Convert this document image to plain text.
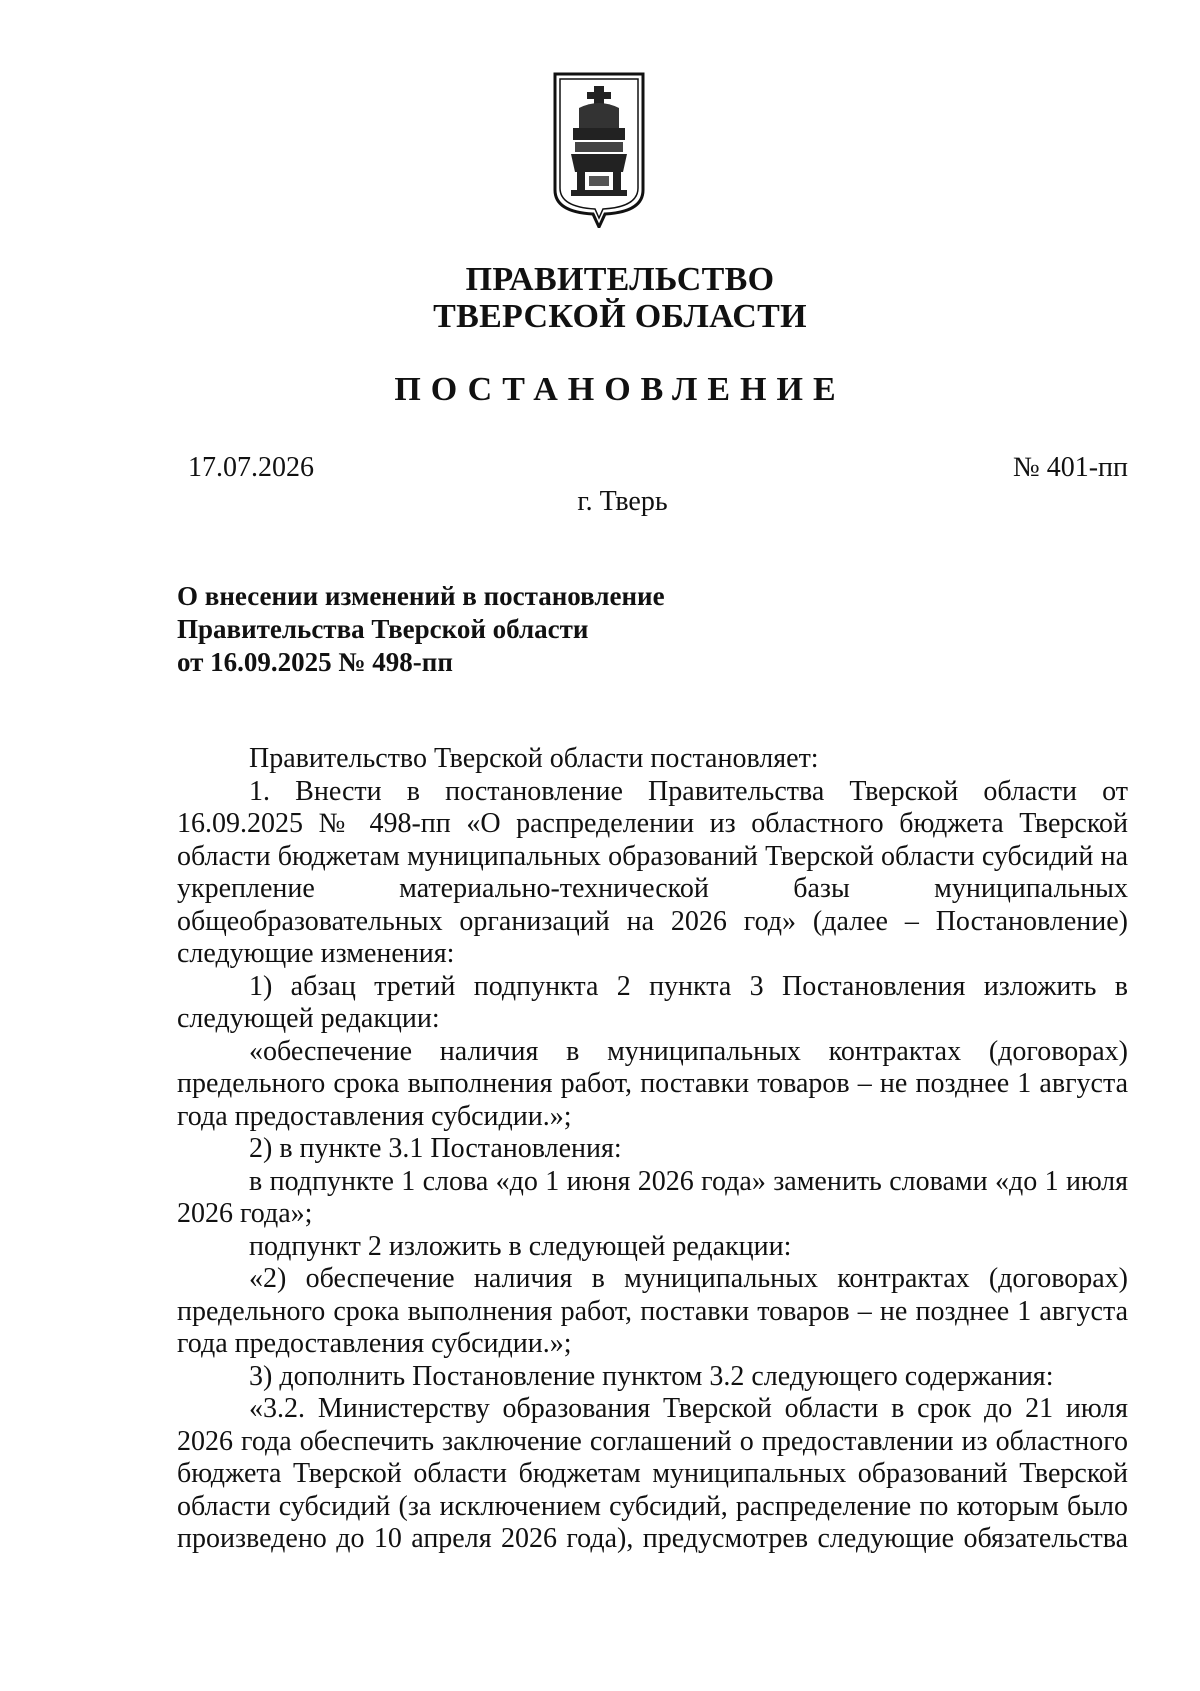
ПРАВИТЕЛЬСТВО
ТВЕРСКОЙ ОБЛАСТИ
ПОСТАНОВЛЕНИЕ
17.07.2026	№ 401-пп
г. Тверь
О внесении изменений в постановление
Правительства Тверской области
от 16.09.2025 № 498-пп

Правительство Тверской области постановляет:

1. Внести в постановление Правительства Тверской области от 16.09.2025 № 498-пп «О распределении из областного бюджета Тверской области бюджетам муниципальных образований Тверской области субсидий на укрепление материально-технической базы муниципальных общеобразовательных организаций на 2026 год» (далее – Постановление) следующие изменения:

1) абзац третий подпункта 2 пункта 3 Постановления изложить в следующей редакции:

«обеспечение наличия в муниципальных контрактах (договорах) предельного срока выполнения работ, поставки товаров – не позднее 1 августа года предоставления субсидии.»;

2) в пункте 3.1 Постановления:

в подпункте 1 слова «до 1 июня 2026 года» заменить словами «до 1 июля 2026 года»;

подпункт 2 изложить в следующей редакции:

«2) обеспечение наличия в муниципальных контрактах (договорах) предельного срока выполнения работ, поставки товаров – не позднее 1 августа года предоставления субсидии.»;

3) дополнить Постановление пунктом 3.2 следующего содержания:

«3.2. Министерству образования Тверской области в срок до 21 июля 2026 года обеспечить заключение соглашений о предоставлении из областного бюджета Тверской области бюджетам муниципальных образований Тверской области субсидий (за исключением субсидий, распределение по которым было произведено до 10 апреля 2026 года), предусмотрев следующие обязательства
